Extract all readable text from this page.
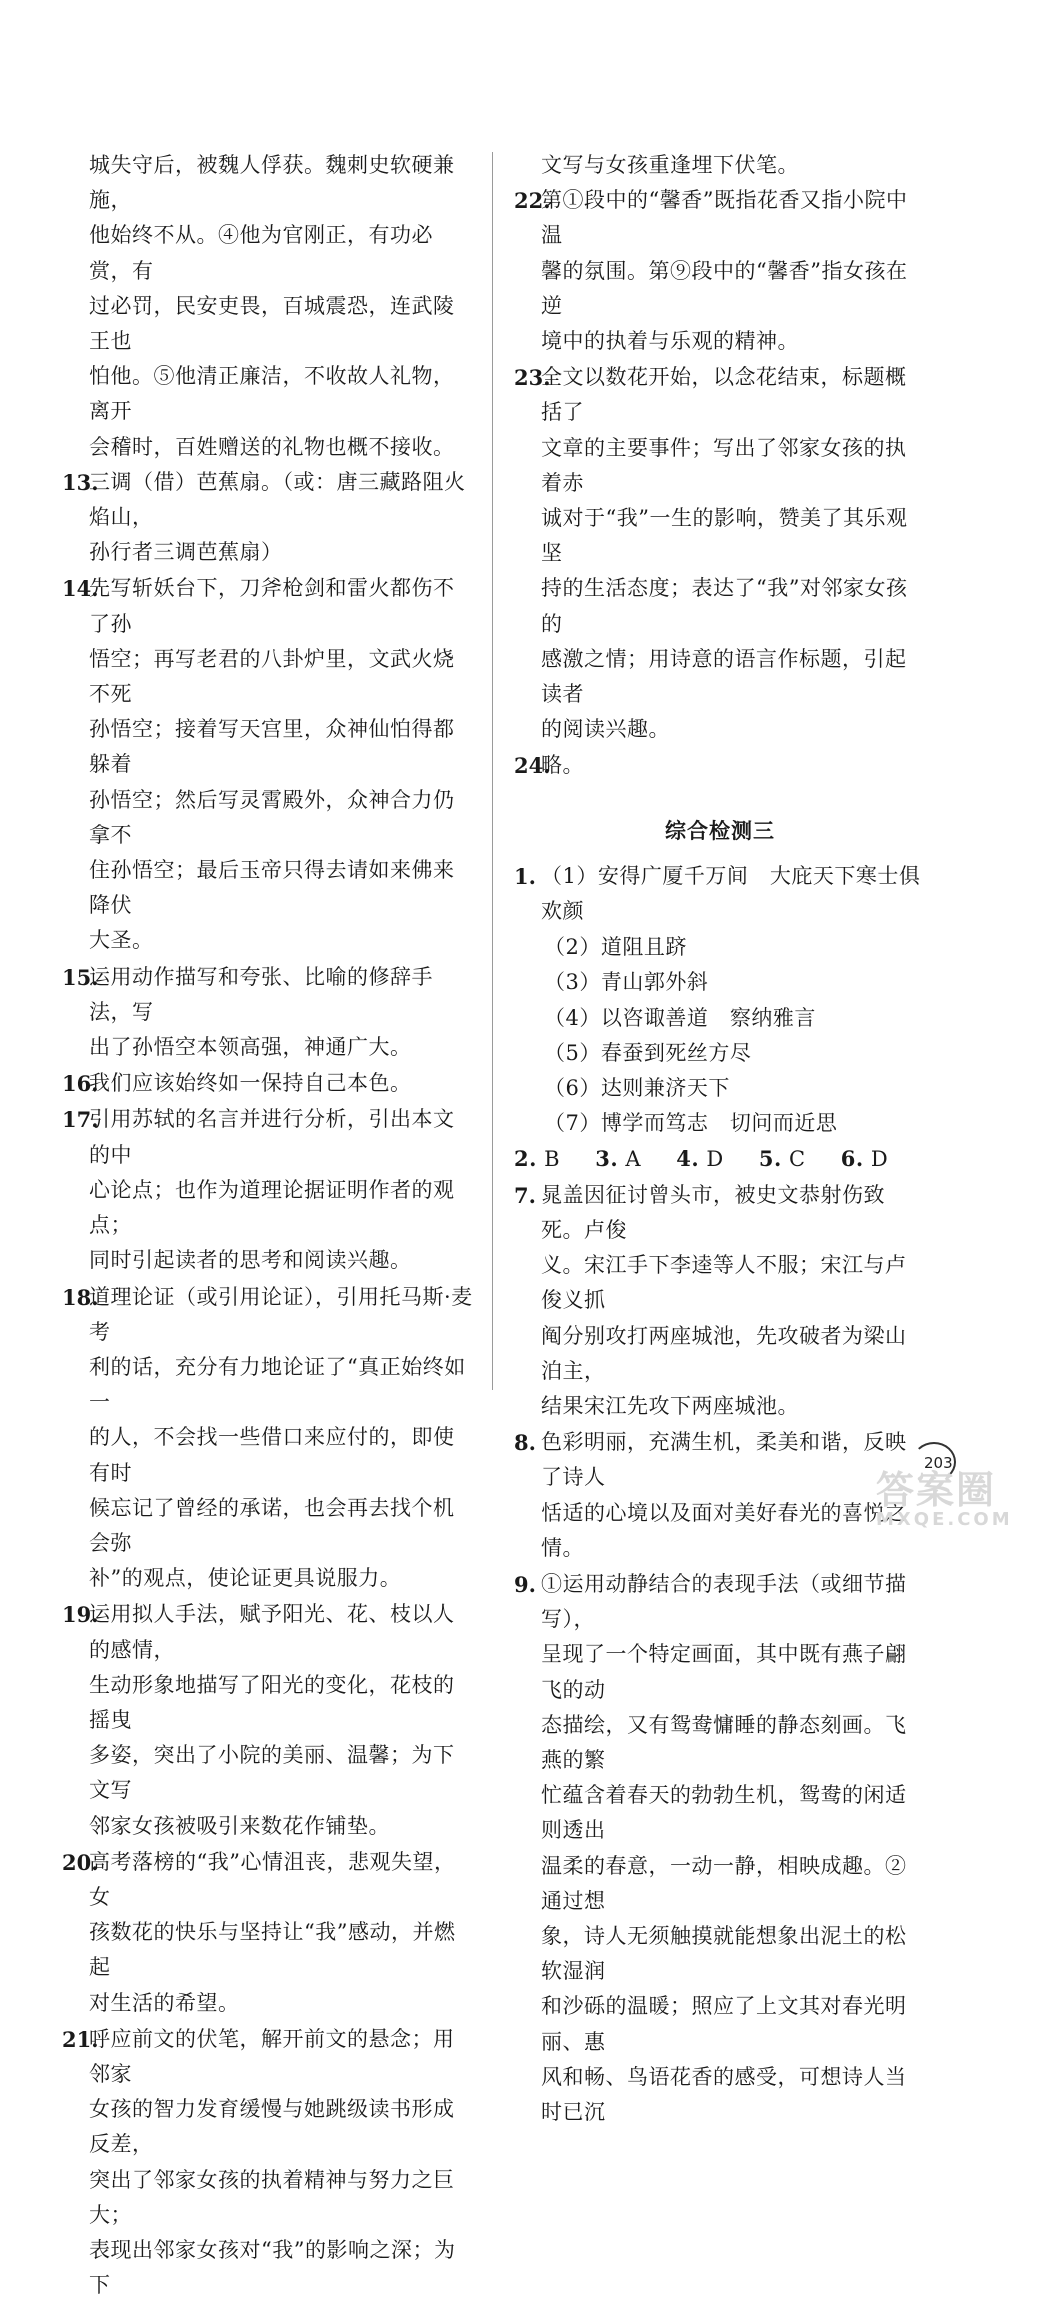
城失守后，被魏人俘获。魏刺史软硬兼施，
他始终不从。④他为官刚正，有功必赏，有
过必罚，民安吏畏，百城震恐，连武陵王也
怕他。⑤他清正廉洁，不收故人礼物，离开
会稽时，百姓赠送的礼物也概不接收。
13.
三调（借）芭蕉扇。（或：唐三藏路阻火焰山，
孙行者三调芭蕉扇）
14.
先写斩妖台下，刀斧枪剑和雷火都伤不了孙
悟空；再写老君的八卦炉里，文武火烧不死
孙悟空；接着写天宫里，众神仙怕得都躲着
孙悟空；然后写灵霄殿外，众神合力仍拿不
住孙悟空；最后玉帝只得去请如来佛来降伏
大圣。
15.
运用动作描写和夸张、比喻的修辞手法，写
出了孙悟空本领高强，神通广大。
16.
我们应该始终如一保持自己本色。
17.
引用苏轼的名言并进行分析，引出本文的中
心论点；也作为道理论据证明作者的观点；
同时引起读者的思考和阅读兴趣。
18.
道理论证（或引用论证），引用托马斯·麦考
利的话，充分有力地论证了“真正始终如一
的人，不会找一些借口来应付的，即使有时
候忘记了曾经的承诺，也会再去找个机会弥
补”的观点，使论证更具说服力。
19.
运用拟人手法，赋予阳光、花、枝以人的感情，
生动形象地描写了阳光的变化，花枝的摇曳
多姿，突出了小院的美丽、温馨；为下文写
邻家女孩被吸引来数花作铺垫。
20.
高考落榜的“我”心情沮丧，悲观失望，女
孩数花的快乐与坚持让“我”感动，并燃起
对生活的希望。
21.
呼应前文的伏笔，解开前文的悬念；用邻家
女孩的智力发育缓慢与她跳级读书形成反差，
突出了邻家女孩的执着精神与努力之巨大；
表现出邻家女孩对“我”的影响之深；为下
文写与女孩重逢埋下伏笔。
22.
第①段中的“馨香”既指花香又指小院中温
馨的氛围。第⑨段中的“馨香”指女孩在逆
境中的执着与乐观的精神。
23.
全文以数花开始，以念花结束，标题概括了
文章的主要事件；写出了邻家女孩的执着赤
诚对于“我”一生的影响，赞美了其乐观坚
持的生活态度；表达了“我”对邻家女孩的
感激之情；用诗意的语言作标题，引起读者
的阅读兴趣。
24.
略。
综合检测三
1. （1）安得广厦千万间　大庇天下寒士俱欢颜
（2）道阻且跻
（3）青山郭外斜
（4）以咨诹善道　察纳雅言
（5）春蚕到死丝方尽
（6）达则兼济天下
（7）博学而笃志　切问而近思
2. B 3. A 4. D 5. C 6. D
7. 晁盖因征讨曾头市，被史文恭射伤致死。卢俊
义。宋江手下李逵等人不服；宋江与卢俊义抓
阄分别攻打两座城池，先攻破者为梁山泊主，
结果宋江先攻下两座城池。
8. 色彩明丽，充满生机，柔美和谐，反映了诗人
恬适的心境以及面对美好春光的喜悦之情。
9. ①运用动静结合的表现手法（或细节描写），
呈现了一个特定画面，其中既有燕子翩飞的动
态描绘，又有鸳鸯慵睡的静态刻画。飞燕的繁
忙蕴含着春天的勃勃生机，鸳鸯的闲适则透出
温柔的春意，一动一静，相映成趣。②通过想
象，诗人无须触摸就能想象出泥土的松软湿润
和沙砾的温暖；照应了上文其对春光明丽、惠
风和畅、鸟语花香的感受，可想诗人当时已沉
203
答案圈
MXQE.COM
